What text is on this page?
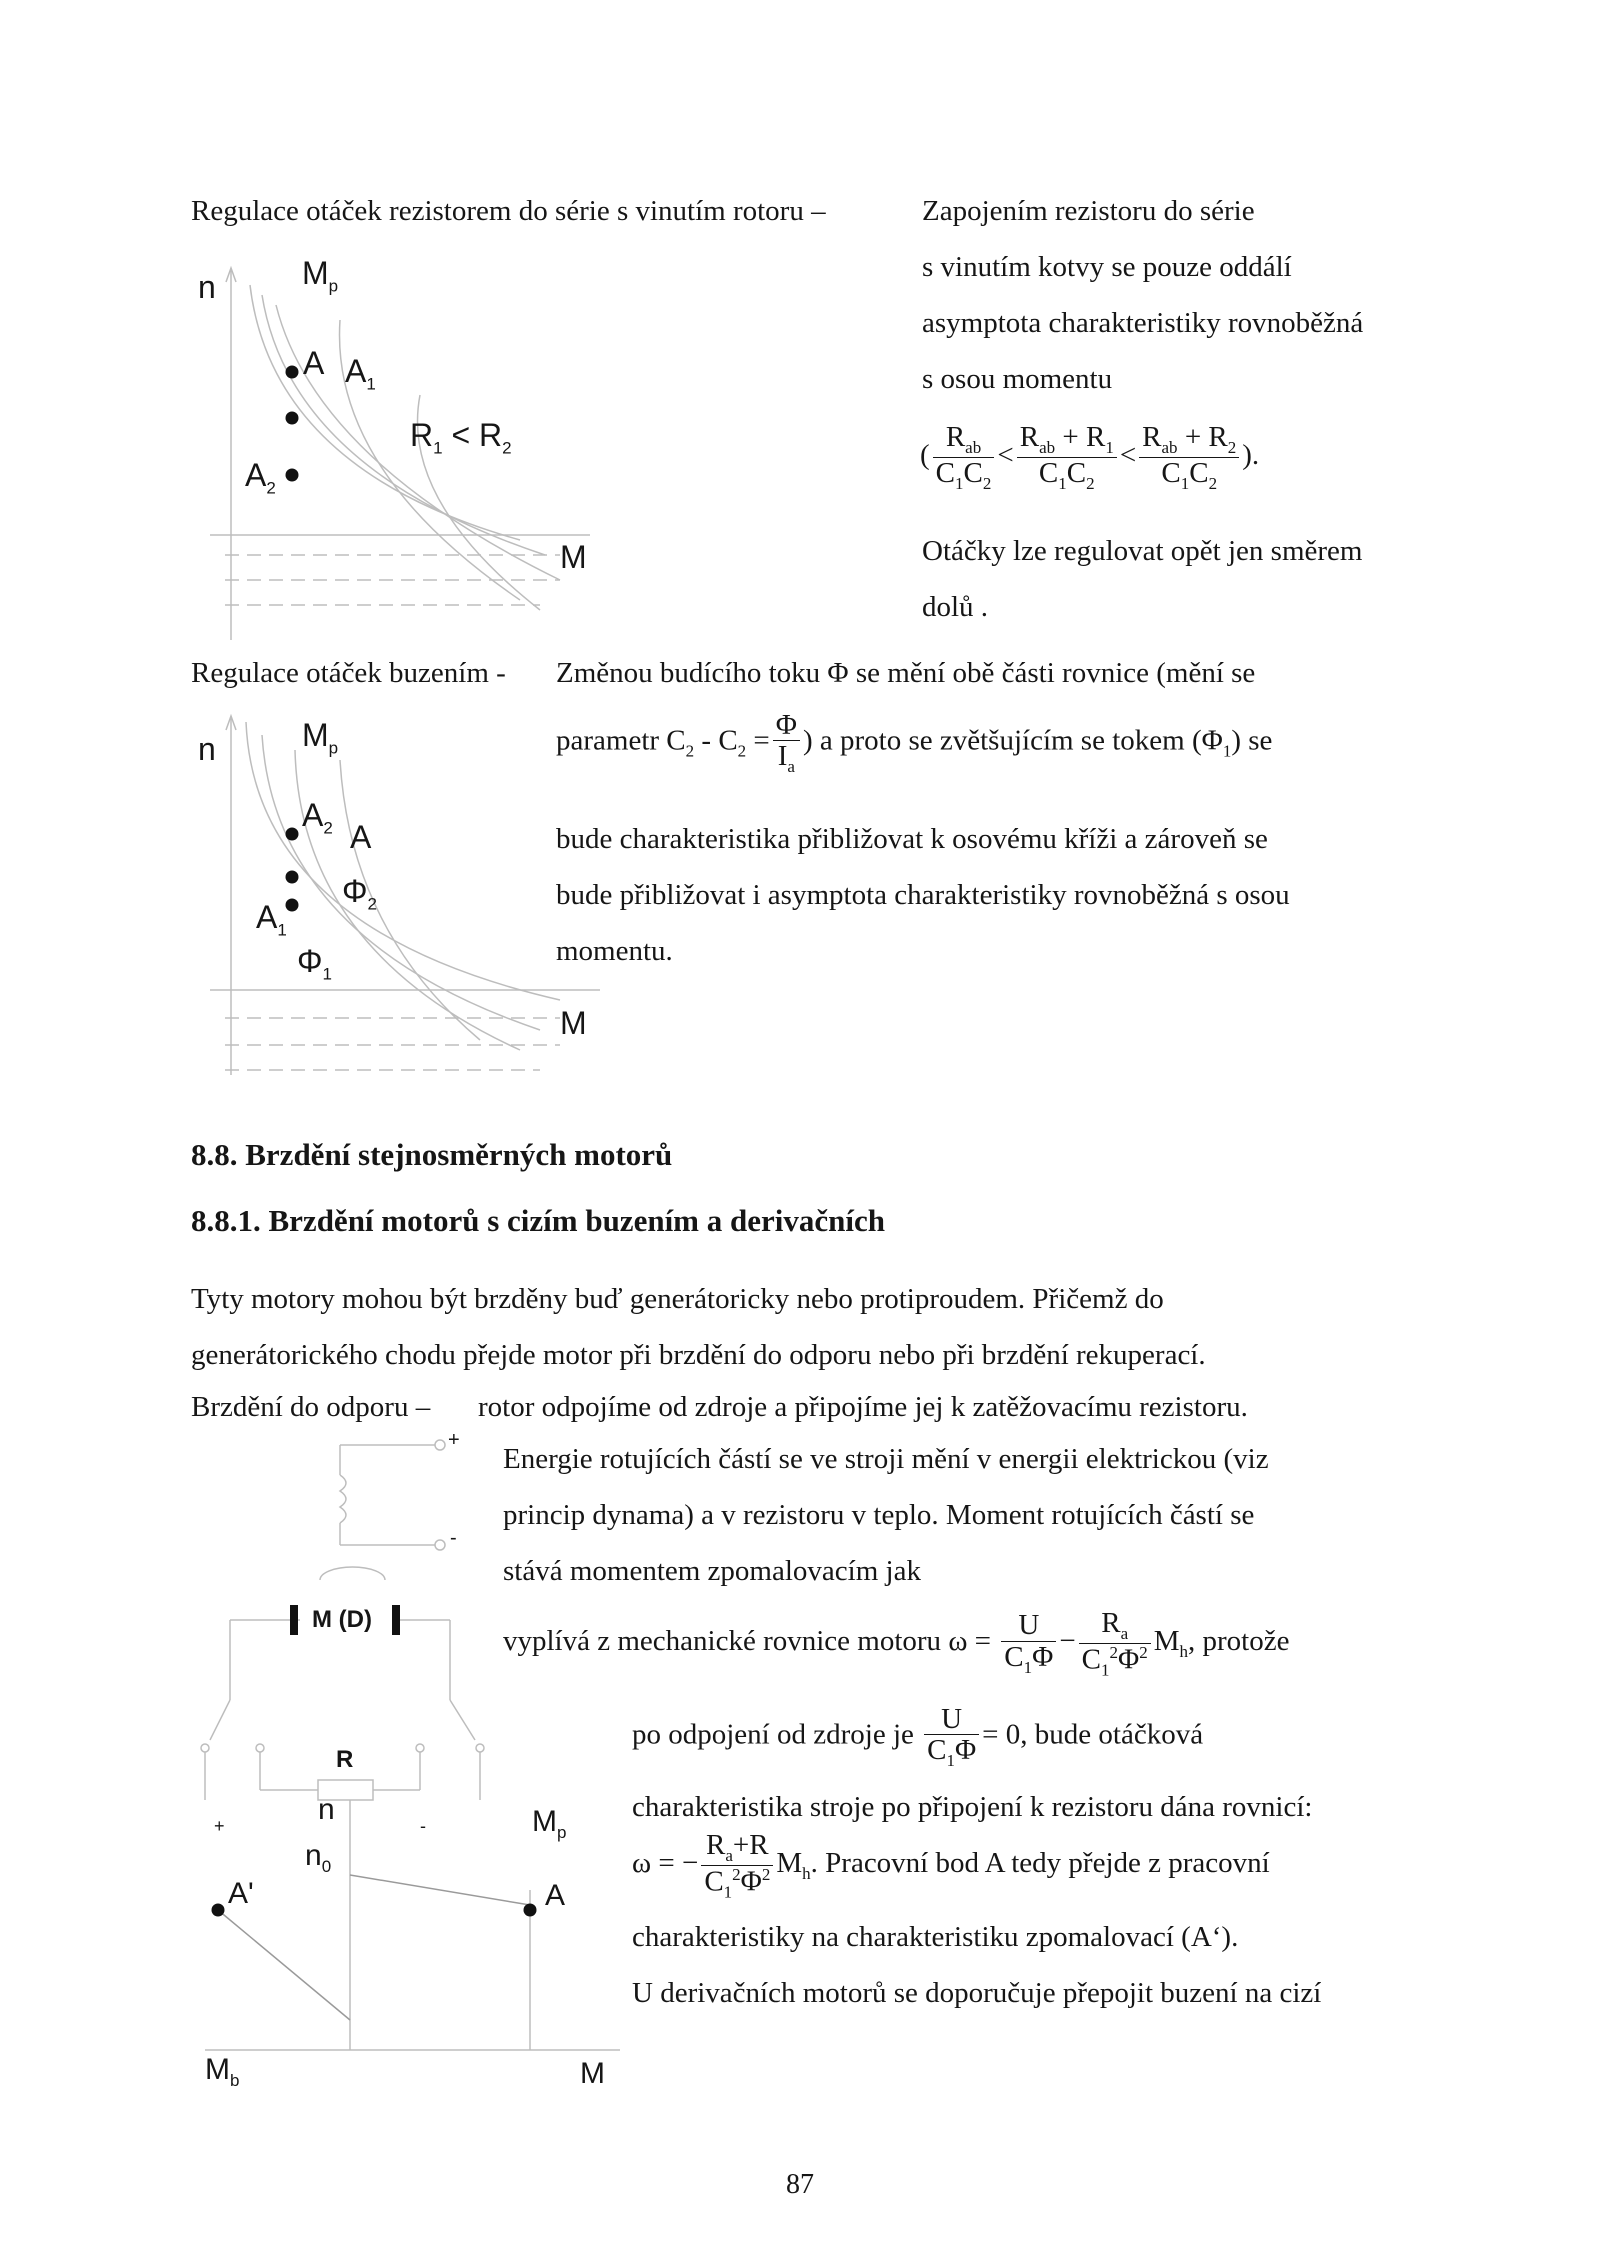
Regulace otáček rezistorem do série s vinutím rotoru –	Zapojením rezistoru do série
s vinutím kotvy se pouze oddálí
asymptota charakteristiky rovnoběžná
s osou momentu
( $\frac{R_{ab}}{C_1C_2} < \frac{R_{ab} + R_1}{C_1C_2} < \frac{R_{ab} + R_2}{C_1C_2}$ ).
Otáčky lze regulovat opět jen směrem
dolů .
n	$M_p$
A $A_1$
$A_2$
$R_1 < R_2$
M
Regulace otáček buzením - Změnou budícího toku Φ se mění obě části rovnice (mění se
parametr $C_2 - C_2 = \frac{\Phi}{I_a}$ ) a proto se zvětšujícím se tokem $(\Phi_1)$ se
bude charakteristika přibližovat k osovému kříži a zároveň se
bude přibližovat i asymptota charakteristiky rovnoběžná s osou
momentu.
n	$M_p$
$A_2$ A
$\Phi_2$
$A_1$
$\Phi_1$
M
8.8. Brzdění stejnosměrných motorů
8.8.1. Brzdění motorů s cizím buzením a derivačních
Tyty motory mohou být brzděny buď generátoricky nebo protiproudem. Přičemž do
generátorického chodu přejde motor při brzdění do odporu nebo při brzdění rekuperací.
Brzdění do odporu – rotor odpojíme od zdroje a připojíme jej k zatěžovacímu rezistoru.
Energie rotujících částí se ve stroji mění v energii elektrickou (viz
princip dynama) a v rezistoru v teplo. Moment rotujících částí se
stává momentem zpomalovacím jak
vyplívá z mechanické rovnice motoru $\omega = \frac{U}{C_1\Phi} - \frac{R_a}{C_1^2\Phi^2} M_h$, protože
po odpojení od zdroje je $\frac{U}{C_1\Phi} = 0$, bude otáčková
charakteristika stroje po připojení k rezistoru dána rovnicí:
ω = − $\frac{R_a+R}{C_1^2\Phi^2} M_h$. Pracovní bod A tedy přejde z pracovní
charakteristiky na charakteristiku zpomalovací (A‘).
U derivačních motorů se doporučuje přepojit buzení na cizí
+
-
M (D)
R
+	-
n
$n_0$
$M_p$
A'	A
$M_b$	M
87
